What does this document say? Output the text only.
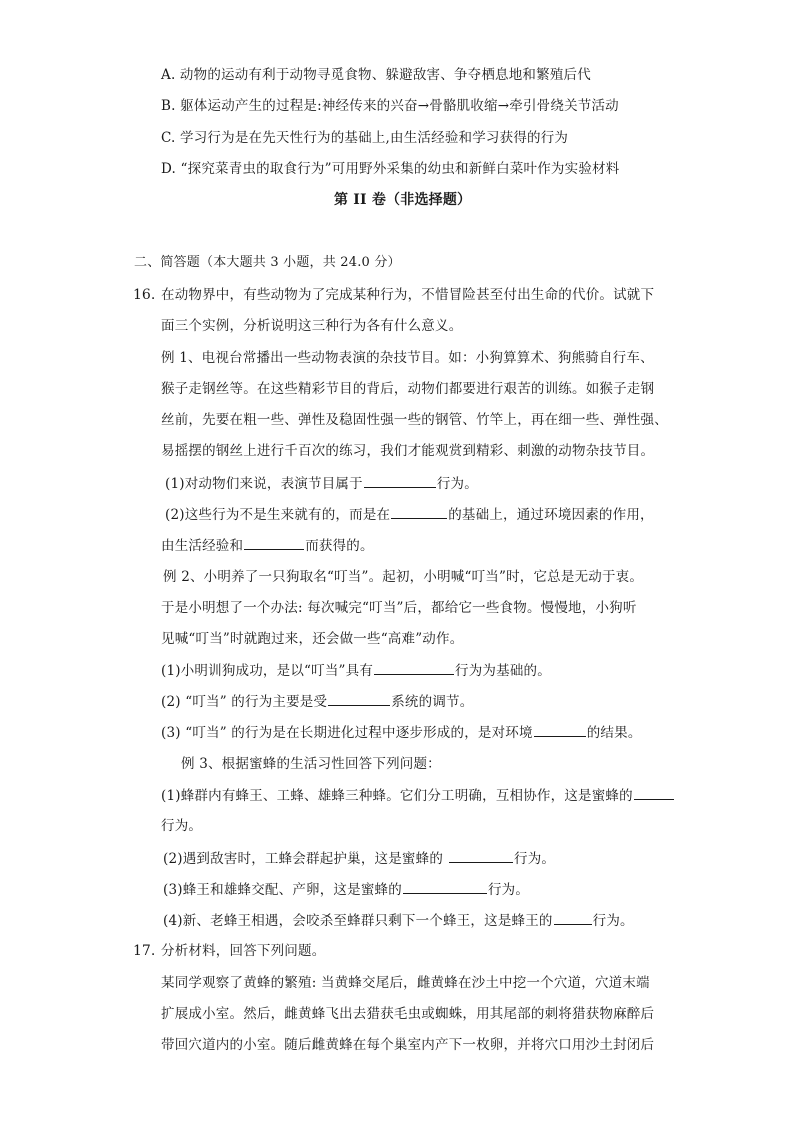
A. 动物的运动有利于动物寻觅食物、躲避敌害、争夺栖息地和繁殖后代
B. 躯体运动产生的过程是:神经传来的兴奋→骨骼肌收缩→牵引骨绕关节活动
C. 学习行为是在先天性行为的基础上,由生活经验和学习获得的行为
D. “探究菜青虫的取食行为”可用野外采集的幼虫和新鲜白菜叶作为实验材料
第 II 卷（非选择题）
二、简答题（本大题共 3 小题，共 24.0 分）
16. 在动物界中，有些动物为了完成某种行为，不惜冒险甚至付出生命的代价。试就下
面三个实例，分析说明这三种行为各有什么意义。
例 1、电视台常播出一些动物表演的杂技节目。如：小狗算算术、狗熊骑自行车、
猴子走钢丝等。在这些精彩节目的背后，动物们都要进行艰苦的训练。如猴子走钢
丝前，先要在粗一些、弹性及稳固性强一些的钢管、竹竿上，再在细一些、弹性强、
易摇摆的钢丝上进行千百次的练习，我们才能观赏到精彩、刺激的动物杂技节目。
(1)对动物们来说，表演节目属于	行为。
(2)这些行为不是生来就有的，而是在	的基础上，通过环境因素的作用，
由生活经验和	而获得的。
例 2、小明养了一只狗取名“叮当”。起初，小明喊“叮当”时，它总是无动于衷。
于是小明想了一个办法: 每次喊完“叮当”后，都给它一些食物。慢慢地，小狗听
见喊“叮当”时就跑过来，还会做一些“高难”动作。
(1)小明训狗成功，是以“叮当”具有	行为为基础的。
(2) “叮当” 的行为主要是受	系统的调节。
(3) “叮当” 的行为是在长期进化过程中逐步形成的，是对环境	的结果。
例 3、根据蜜蜂的生活习性回答下列问题：
(1)蜂群内有蜂王、工蜂、雄蜂三种蜂。它们分工明确，互相协作，这是蜜蜂的
行为。
(2)遇到敌害时，工蜂会群起护巢，这是蜜蜂的	行为。
(3)蜂王和雄蜂交配、产卵，这是蜜蜂的	行为。
(4)新、老蜂王相遇，会咬杀至蜂群只剩下一个蜂王，这是蜂王的	行为。
17. 分析材料，回答下列问题。
某同学观察了黄蜂的繁殖: 当黄蜂交尾后，雌黄蜂在沙土中挖一个穴道，穴道末端
扩展成小室。然后，雌黄蜂飞出去猎获毛虫或蜘蛛，用其尾部的刺将猎获物麻醉后
带回穴道内的小室。随后雌黄蜂在每个巢室内产下一枚卵，并将穴口用沙土封闭后
